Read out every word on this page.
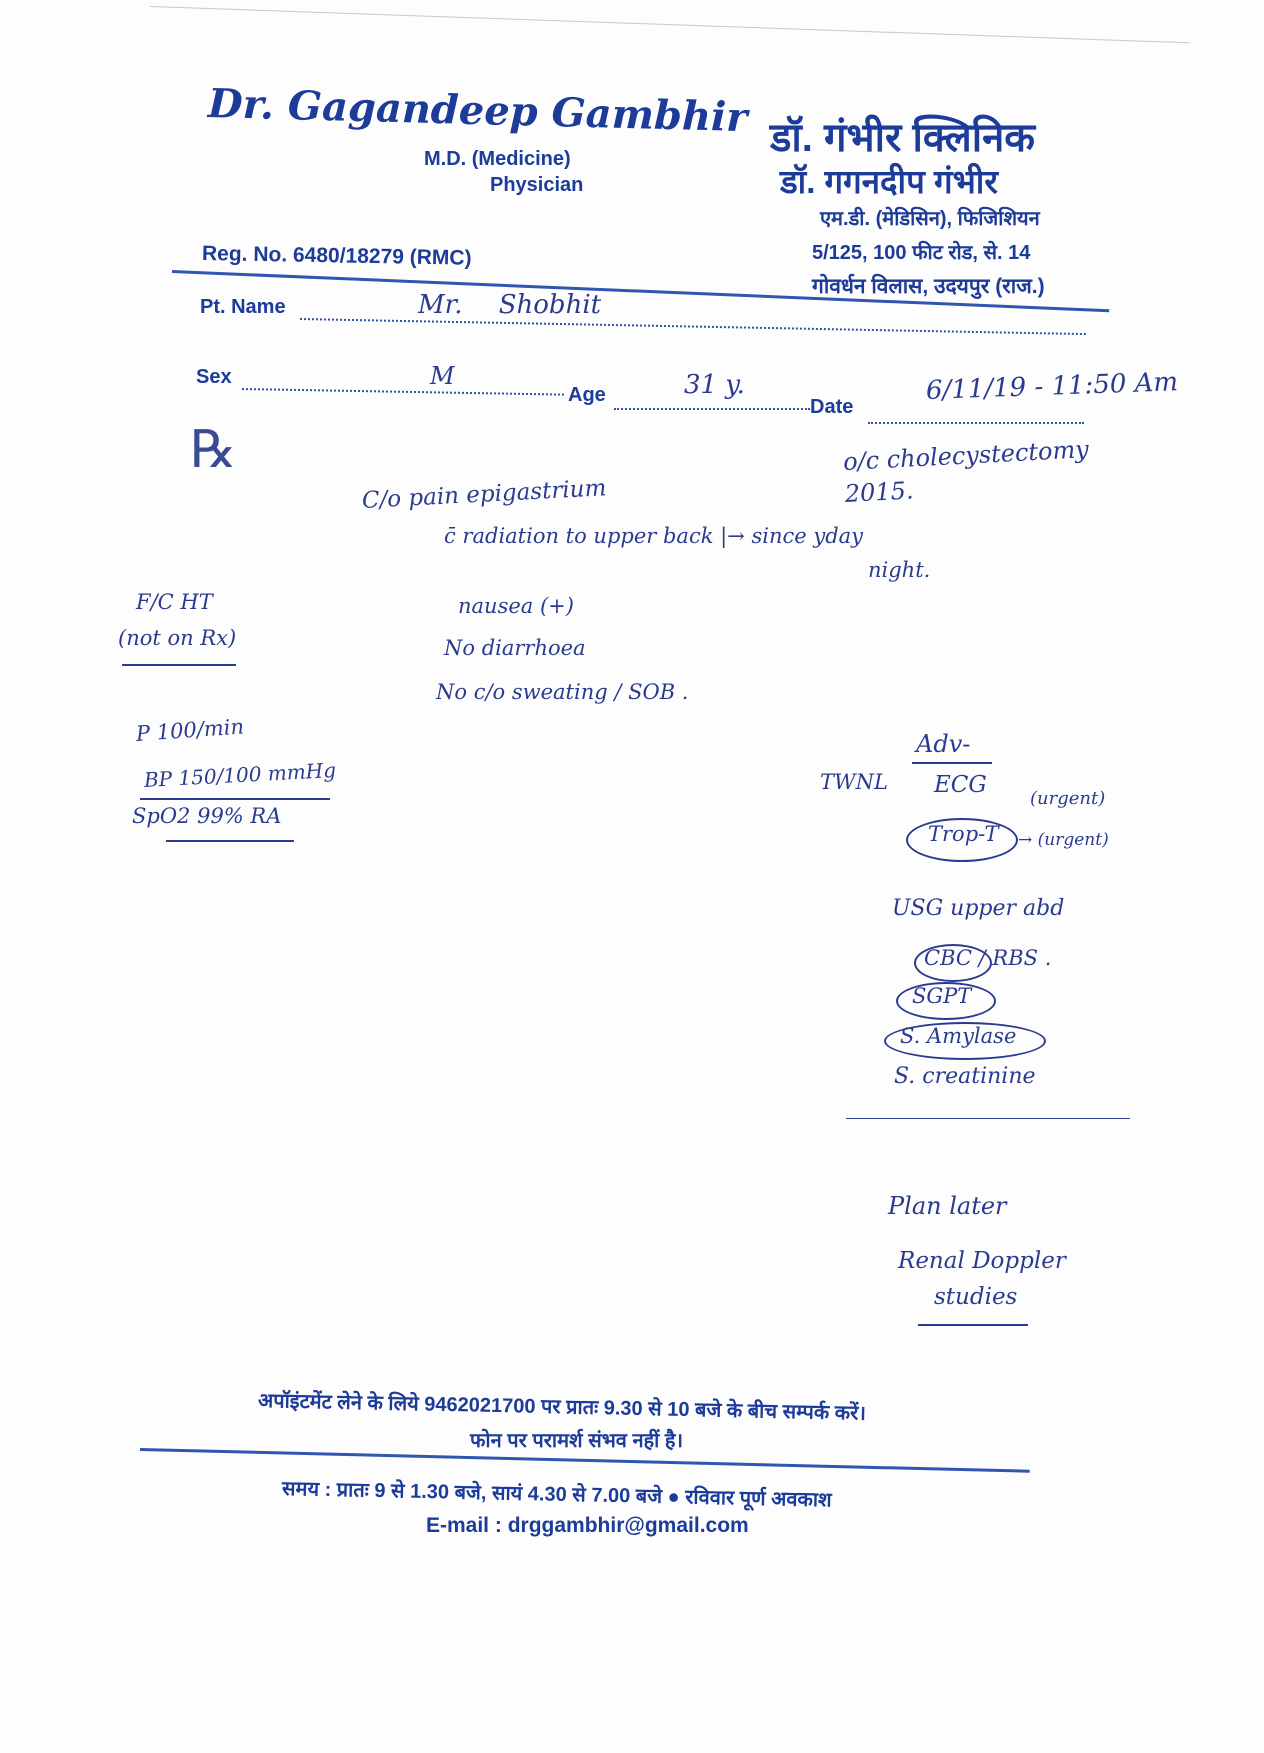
Dr. Gagandeep Gambhir
M.D. (Medicine)
Physician
Reg. No. 6480/18279 (RMC)
डॉ. गंभीर क्लिनिक
डॉ. गगनदीप गंभीर
एम.डी. (मेडिसिन), फिजिशियन
5/125, 100 फीट रोड, से. 14
गोवर्धन विलास, उदयपुर (राज.)
Pt. Name	Mr. Shobhit
Sex	M
Age	31 y.
Date
6/11/19 - 11:50 Am
℞	o/c cholecystectomy 2015.
C/o pain epigastrium
c̄ radiation to upper back |→ since yday
night.
nausea (+)
No diarrhoea
No c/o sweating / SOB .
F/C HT
(not on Rx)
P 100/min
BP 150/100 mmHg
SpO2 99% RA
TWNL
Adv-
ECG
(urgent)
Trop-T → (urgent)
USG upper abd
CBC / RBS .
SGPT
S. Amylase
S. creatinine
Plan later
Renal Doppler
studies
अपॉइंटमेंट लेने के लिये 9462021700 पर प्रातः 9.30 से 10 बजे के बीच सम्पर्क करें।
फोन पर परामर्श संभव नहीं है।
समय : प्रातः 9 से 1.30 बजे, सायं 4.30 से 7.00 बजे ● रविवार पूर्ण अवकाश
E-mail : drggambhir@gmail.com
